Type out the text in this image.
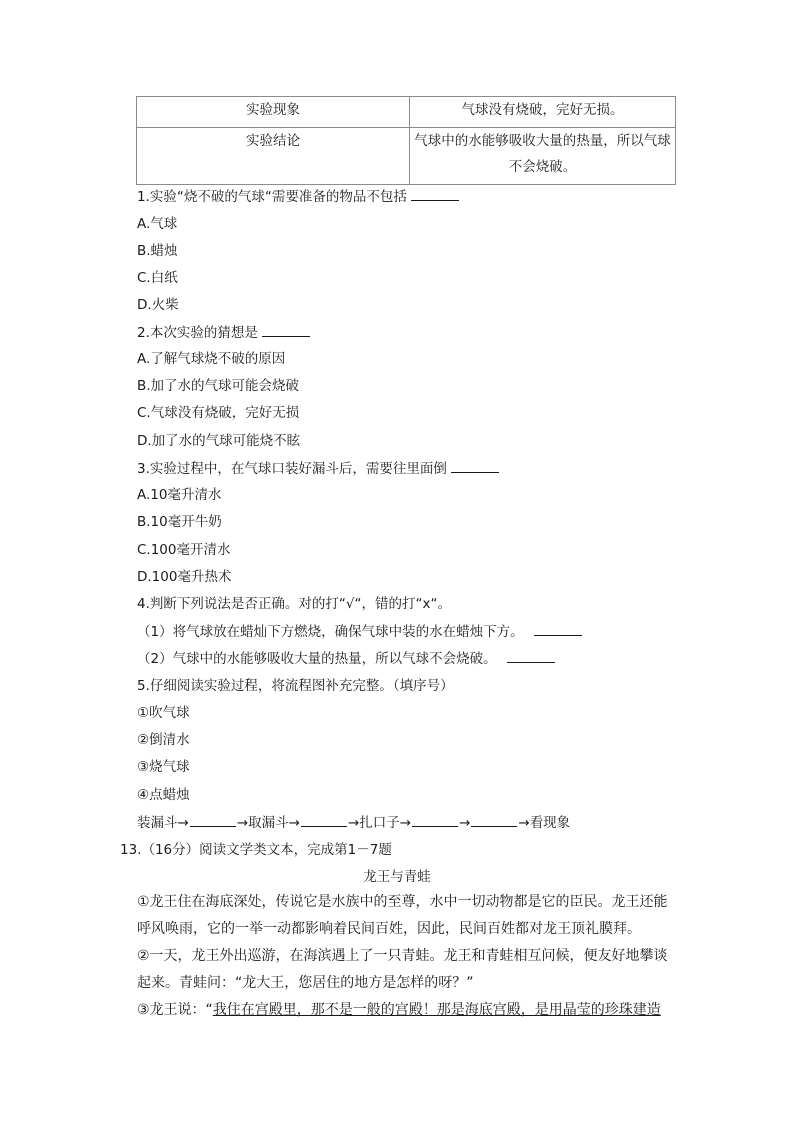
实验现象	气球没有烧破，完好无损。
实验结论	气球中的水能够吸收大量的热量，所以气球
不会烧破。
1.实验“烧不破的气球“需要准备的物品不包括
A.气球
B.蜡烛
C.白纸
D.火柴
2.本次实验的猜想是
A.了解气球烧不破的原因
B.加了水的气球可能会烧破
C.气球没有烧破，完好无损
D.加了水的气球可能烧不眩
3.实验过程中，在气球口装好漏斗后，需要往里面倒
A.10毫升清水
B.10毫开牛奶
C.100毫开清水
D.100毫升热术
4.判断下列说法是否正确。对的打“√“，错的打“x“。
（1）将气球放在蜡灿下方燃烧，确保气球中装的水在蜡烛下方。
（2）气球中的水能够吸收大量的热量，所以气球不会烧破。
5.仔细阅读实验过程，将流程图补充完整。（填序号）
①吹气球
②倒清水
③烧气球
④点蜡烛
装漏斗→	→取漏斗→	→扎口子→	→	→看现象
13.（16分）阅读文学类文本，完成第1－7题
龙王与青蛙

①龙王住在海底深处，传说它是水族中的至尊，水中一切动物都是它的臣民。龙王还能

呼风唤雨，它的一举一动都影响着民间百姓，因此，民间百姓都对龙王顶礼膜拜。

②一天，龙王外出巡游，在海滨遇上了一只青蛙。龙王和青蛙相互问候，便友好地攀谈

起来。青蛙问：“龙大王，您居住的地方是怎样的呀？”

③龙王说：“我住在宫殿里，那不是一般的宫殿！那是海底宫殿，是用晶莹的珍珠建造
